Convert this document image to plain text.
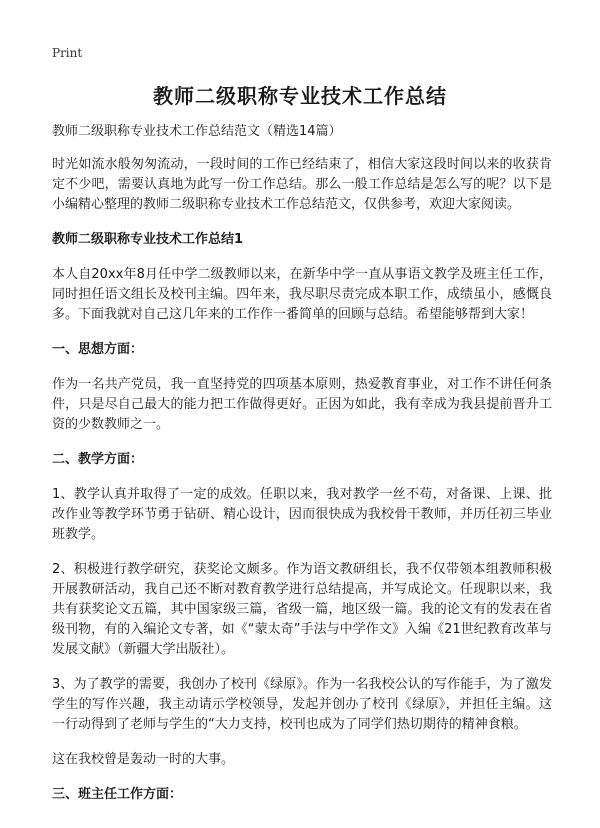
Print
教师二级职称专业技术工作总结

教师二级职称专业技术工作总结范文（精选14篇）

时光如流水般匆匆流动，一段时间的工作已经结束了，相信大家这段时间以来的收获肯定不少吧，需要认真地为此写一份工作总结。那么一般工作总结是怎么写的呢？以下是小编精心整理的教师二级职称专业技术工作总结范文，仅供参考，欢迎大家阅读。

教师二级职称专业技术工作总结1

本人自20xx年8月任中学二级教师以来，在新华中学一直从事语文教学及班主任工作，同时担任语文组长及校刊主编。四年来，我尽职尽责完成本职工作，成绩虽小，感慨良多。下面我就对自己这几年来的工作作一番简单的回顾与总结。希望能够帮到大家！

一、思想方面：

作为一名共产党员，我一直坚持党的四项基本原则，热爱教育事业，对工作不讲任何条件，只是尽自己最大的能力把工作做得更好。正因为如此，我有幸成为我县提前晋升工资的少数教师之一。

二、教学方面：

1、教学认真并取得了一定的成效。任职以来，我对教学一丝不苟，对备课、上课、批改作业等教学环节勇于钻研、精心设计，因而很快成为我校骨干教师，并历任初三毕业班教学。

2、积极进行教学研究，获奖论文颇多。作为语文教研组长，我不仅带领本组教师积极开展教研活动，我自己还不断对教育教学进行总结提高，并写成论文。任现职以来，我共有获奖论文五篇，其中国家级三篇，省级一篇，地区级一篇。我的论文有的发表在省级刊物，有的入编论文专著，如《“蒙太奇”手法与中学作文》入编《21世纪教育改革与发展文献》（新疆大学出版社）。

3、为了教学的需要，我创办了校刊《绿原》。作为一名我校公认的写作能手，为了激发学生的写作兴趣，我主动请示学校领导，发起并创办了校刊《绿原》，并担任主编。这一行动得到了老师与学生的“大力支持，校刊也成为了同学们热切期待的精神食粮。

这在我校曾是轰动一时的大事。

三、班主任工作方面：
